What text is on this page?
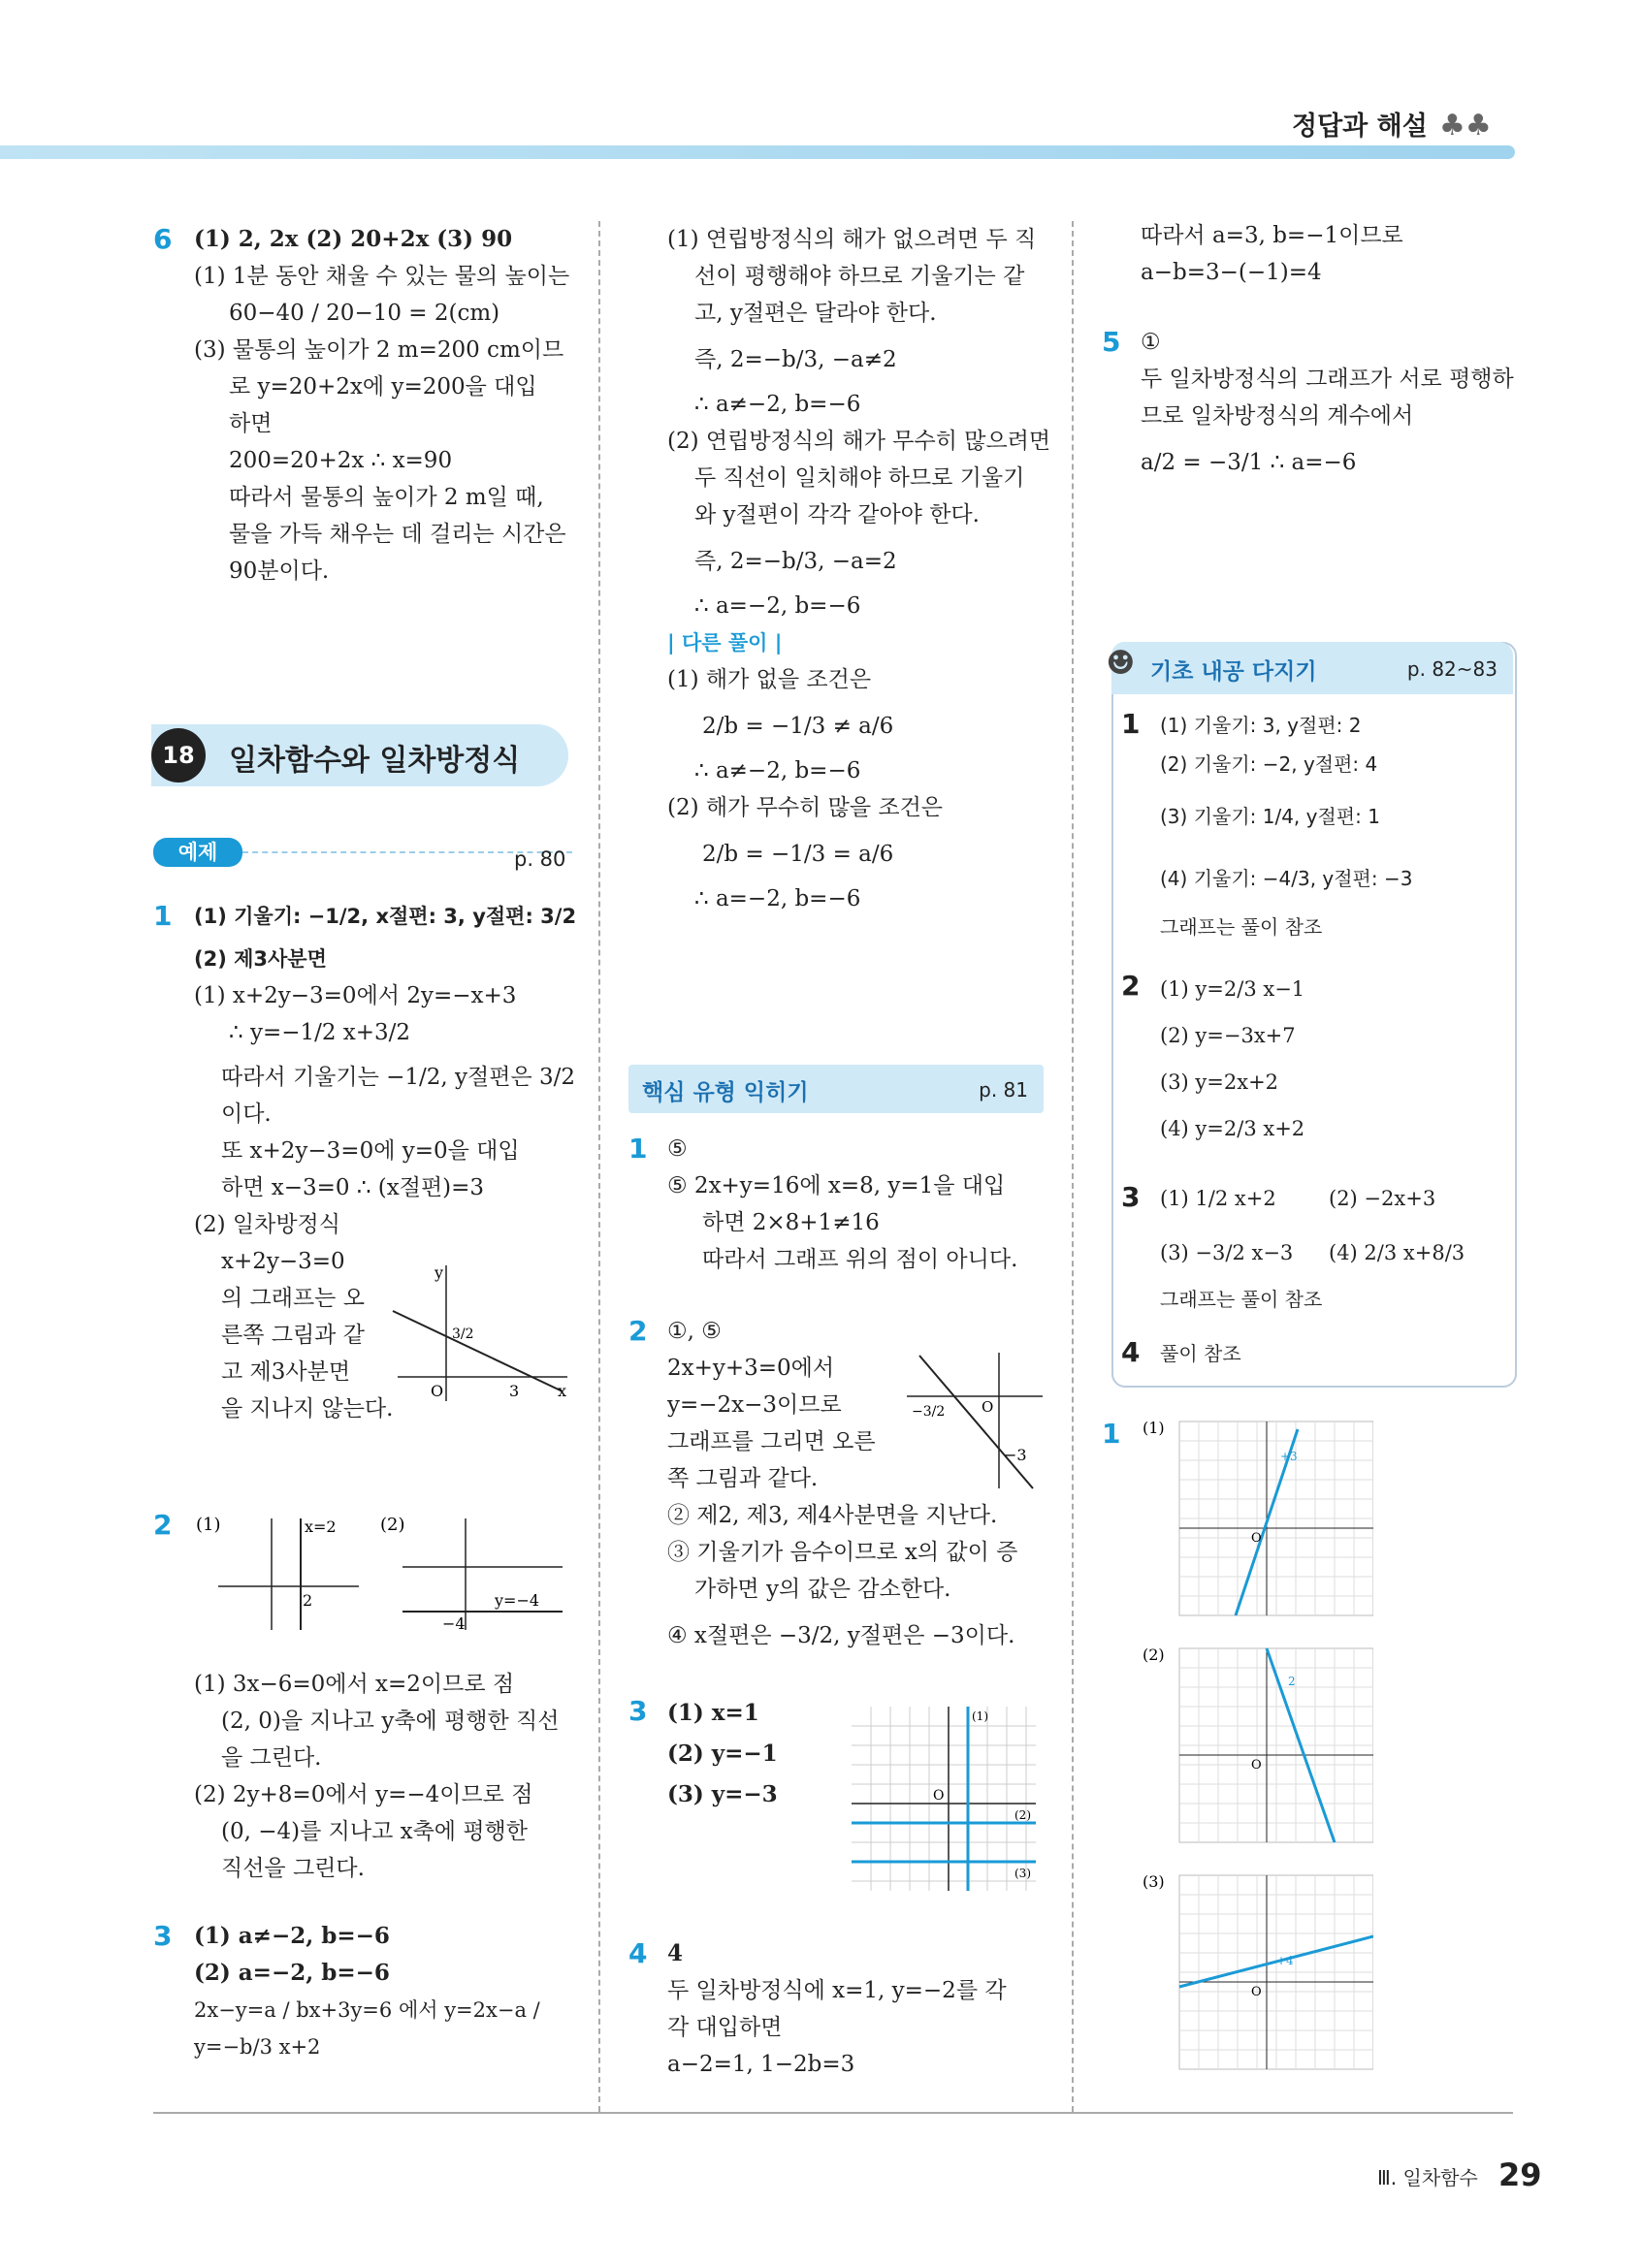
정답과 해설 ♣♣
6 (1) 2, 2x (2) 20+2x (3) 90
(1) 1분 동안 채울 수 있는 물의 높이는
60−40 / 20−10 = 2(cm)
(3) 물통의 높이가 2 m=200 cm이므
로 y=20+2x에 y=200을 대입
하면
200=20+2x ∴ x=90
따라서 물통의 높이가 2 m일 때,
물을 가득 채우는 데 걸리는 시간은
90분이다.
18강
일차함수와 일차방정식
예제	p. 80
1 (1) 기울기: −1/2, x절편: 3, y절편: 3/2
(2) 제3사분면
(1) x+2y−3=0에서 2y=−x+3
∴ y=−1/2 x+3/2
따라서 기울기는 −1/2, y절편은 3/2
이다.
또 x+2y−3=0에 y=0을 대입
하면 x−3=0 ∴ (x절편)=3
(2) 일차방정식
x+2y−3=0
의 그래프는 오
른쪽 그림과 같
고 제3사분면
을 지나지 않는다.
x
y
O	3
3/2
2 (1)	x=2
2
(2)
y=−4
−4
(1) 3x−6=0에서 x=2이므로 점
(2, 0)을 지나고 y축에 평행한 직선
을 그린다.
(2) 2y+8=0에서 y=−4이므로 점
(0, −4)를 지나고 x축에 평행한
직선을 그린다.
3 (1) a≠−2, b=−6
(2) a=−2, b=−6
2x−y=a / bx+3y=6 에서 y=2x−a / y=−b/3 x+2
(1) 연립방정식의 해가 없으려면 두 직
선이 평행해야 하므로 기울기는 같
고, y절편은 달라야 한다.
즉, 2=−b/3, −a≠2
∴ a≠−2, b=−6
(2) 연립방정식의 해가 무수히 많으려면
두 직선이 일치해야 하므로 기울기
와 y절편이 각각 같아야 한다.
즉, 2=−b/3, −a=2
∴ a=−2, b=−6
| 다른 풀이 |
(1) 해가 없을 조건은
2/b = −1/3 ≠ a/6
∴ a≠−2, b=−6
(2) 해가 무수히 많을 조건은
2/b = −1/3 = a/6
∴ a=−2, b=−6
핵심 유형 익히기	p. 81
1 ⑤
⑤ 2x+y=16에 x=8, y=1을 대입
하면 2×8+1≠16
따라서 그래프 위의 점이 아니다.
2 ①, ⑤
2x+y+3=0에서
y=−2x−3이므로
그래프를 그리면 오른
쪽 그림과 같다.
② 제2, 제3, 제4사분면을 지난다.
③ 기울기가 음수이므로 x의 값이 증
가하면 y의 값은 감소한다.
④ x절편은 −3/2, y절편은 −3이다.
−3/2
−3
O
3 (1) x=1
(2) y=−1
(3) y=−3
(1)
(2)
(3)
O
4 4
두 일차방정식에 x=1, y=−2를 각
각 대입하면
a−2=1, 1−2b=3
따라서 a=3, b=−1이므로
a−b=3−(−1)=4
5 ①
두 일차방정식의 그래프가 서로 평행하
므로 일차방정식의 계수에서
a/2 = −3/1 ∴ a=−6
기초 내공 다지기	p. 82~83
☻
1 (1) 기울기: 3, y절편: 2
(2) 기울기: −2, y절편: 4
(3) 기울기: 1/4, y절편: 1
(4) 기울기: −4/3, y절편: −3
그래프는 풀이 참조
2 (1) y=2/3 x−1
(2) y=−3x+7
(3) y=2x+2
(4) y=2/3 x+2
3 (1) 1/2 x+2	(2) −2x+3
(3) −3/2 x−3 (4) 2/3 x+8/3
그래프는 풀이 참조
4 풀이 참조
1 (1)
+3
O
(2)
2
O
(3)
+4
O
Ⅲ. 일차함수 29
